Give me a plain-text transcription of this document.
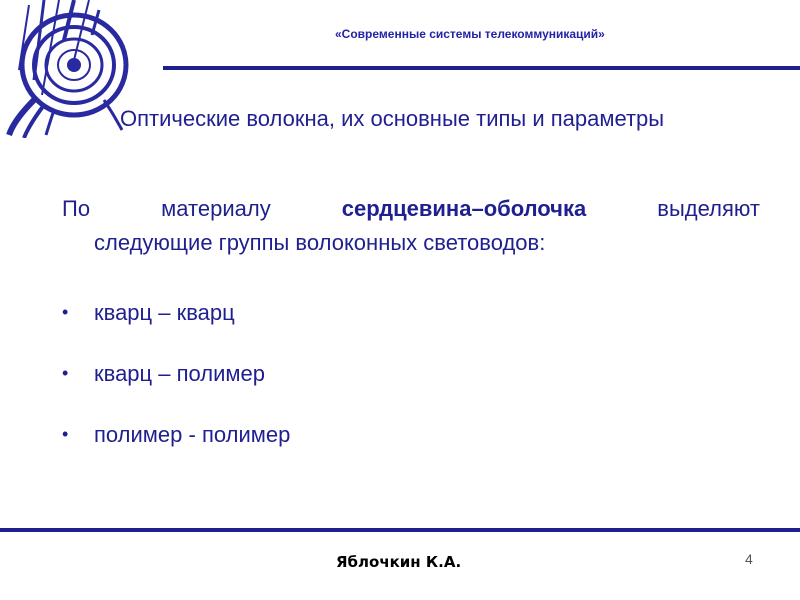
«Современные системы телекоммуникаций»
Оптические волокна, их основные типы и параметры
По	материалу	сердцевина–оболочка	выделяют
следующие группы волоконных световодов:
•	кварц – кварц
•	кварц – полимер
•	полимер - полимер
Яблочкин К.А.	4
